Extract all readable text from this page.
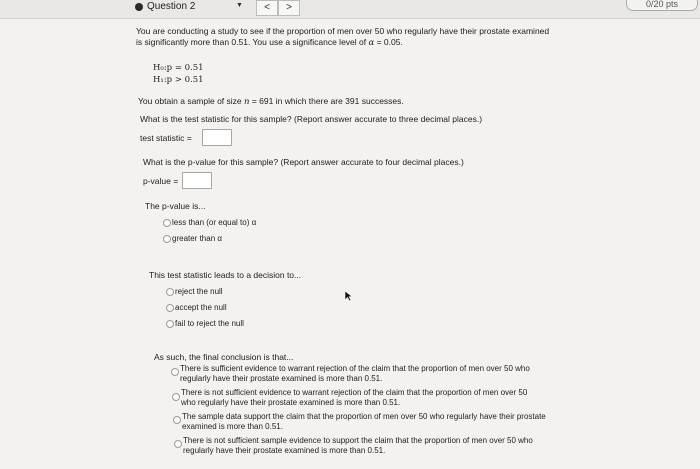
Question 2	▼	<	>	0/20 pts
You are conducting a study to see if the proportion of men over 50 who regularly have their prostate examined
is significantly more than 0.51. You use a significance level of α = 0.05.
H₀:p = 0.51
H₁:p > 0.51
You obtain a sample of size n = 691 in which there are 391 successes.
What is the test statistic for this sample? (Report answer accurate to three decimal places.)
test statistic =
What is the p-value for this sample? (Report answer accurate to four decimal places.)
p-value =
The p-value is...
less than (or equal to) α
greater than α
This test statistic leads to a decision to...
reject the null
accept the null
fail to reject the null
As such, the final conclusion is that...
There is sufficient evidence to warrant rejection of the claim that the proportion of men over 50 who
regularly have their prostate examined is more than 0.51.
There is not sufficient evidence to warrant rejection of the claim that the proportion of men over 50
who regularly have their prostate examined is more than 0.51.
The sample data support the claim that the proportion of men over 50 who regularly have their prostate
examined is more than 0.51.
There is not sufficient sample evidence to support the claim that the proportion of men over 50 who
regularly have their prostate examined is more than 0.51.
